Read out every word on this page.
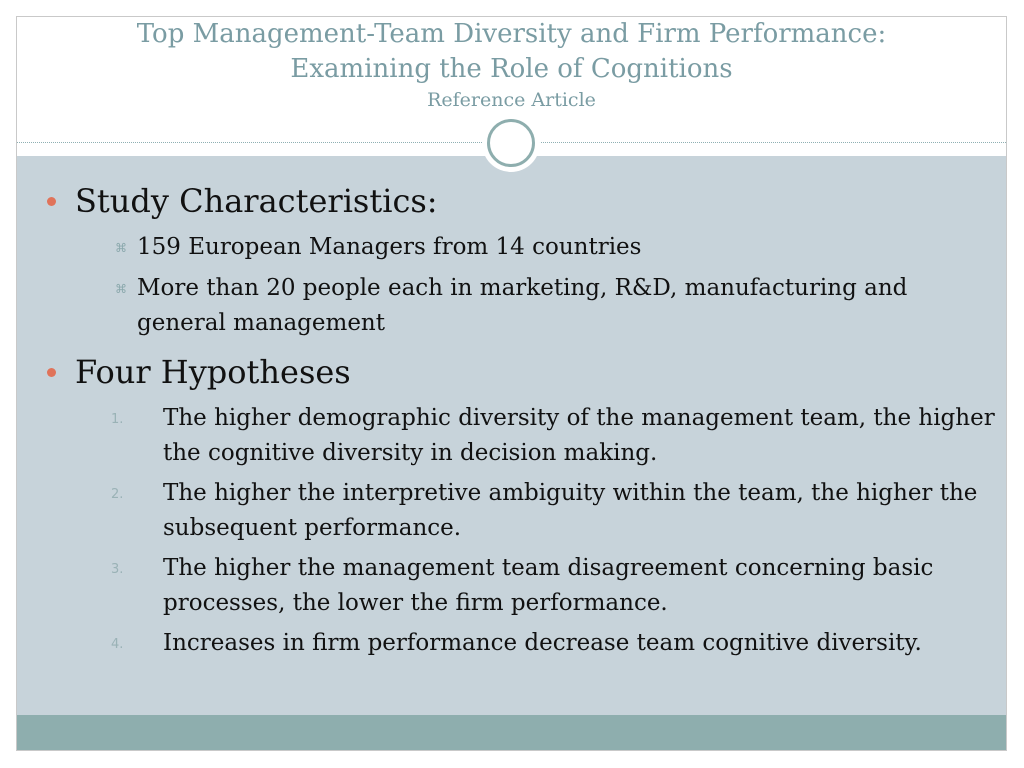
Top Management-Team Diversity and Firm Performance:
Examining the Role of Cognitions
Reference Article
Study Characteristics:
⌘ 159 European Managers from 14 countries
⌘ More than 20 people each in marketing, R&D, manufacturing and general management
Four Hypotheses
1. The higher demographic diversity of the management team, the higher the cognitive diversity in decision making.
2. The higher the interpretive ambiguity within the team, the higher the subsequent performance.
3. The higher the management team disagreement concerning basic processes, the lower the firm performance.
4. Increases in firm performance decrease team cognitive diversity.
